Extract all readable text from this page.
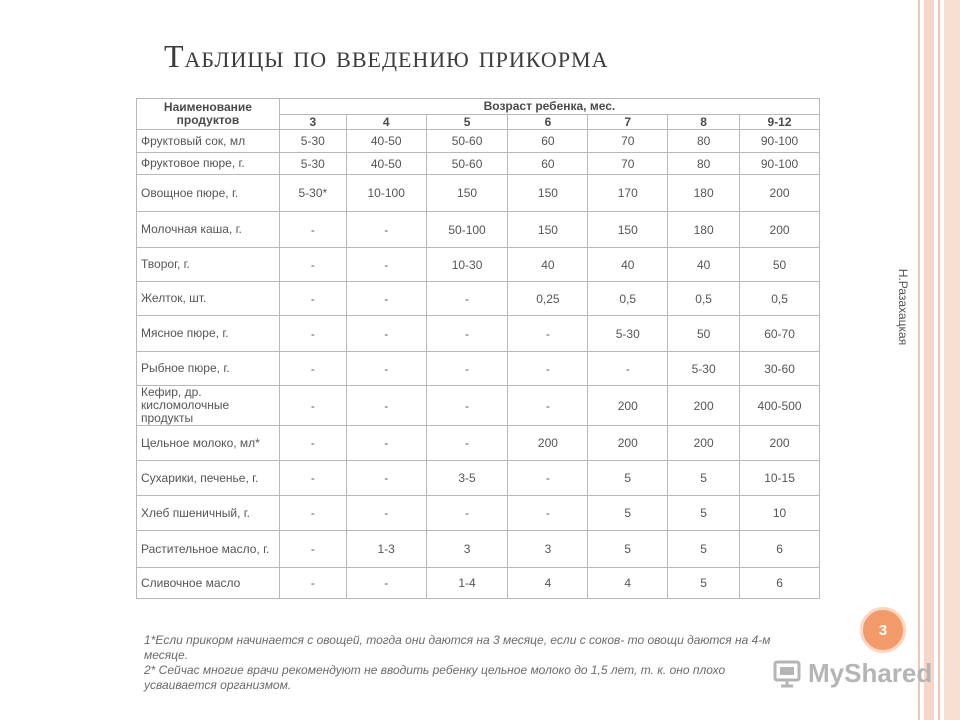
Таблицы по введению прикорма
Н.Разахацкая
3
Наименование продуктов	Возраст ребенка, мес.						
	3	4	5	6	7	8	9-12
Фруктовый сок, мл	5-30	40-50	50-60	60	70	80	90-100
Фруктовое пюре, г.	5-30	40-50	50-60	60	70	80	90-100
Овощное пюре, г.	5-30*	10-100	150	150	170	180	200
Молочная каша, г.	-	-	50-100	150	150	180	200
Творог, г.	-	-	10-30	40	40	40	50
Желток, шт.	-	-	-	0,25	0,5	0,5	0,5
Мясное пюре, г.	-	-	-	-	5-30	50	60-70
Рыбное пюре, г.	-	-	-	-	-	5-30	30-60
Кефир, др. кисломолочные продукты	-	-	-	-	200	200	400-500
Цельное молоко, мл*	-	-	-	200	200	200	200
Сухарики, печенье, г.	-	-	3-5	-	5	5	10-15
Хлеб пшеничный, г.	-	-	-	-	5	5	10
Растительное масло, г.	-	1-3	3	3	5	5	6
Сливочное масло	-	-	1-4	4	4	5	6

1*Если прикорм начинается с овощей, тогда они даются на 3 месяце, если с соков- то овощи даются на 4-м месяце.

2* Сейчас многие врачи рекомендуют не вводить ребенку цельное молоко до 1,5 лет, т. к. оно плохо усваивается организмом.	MyShared
